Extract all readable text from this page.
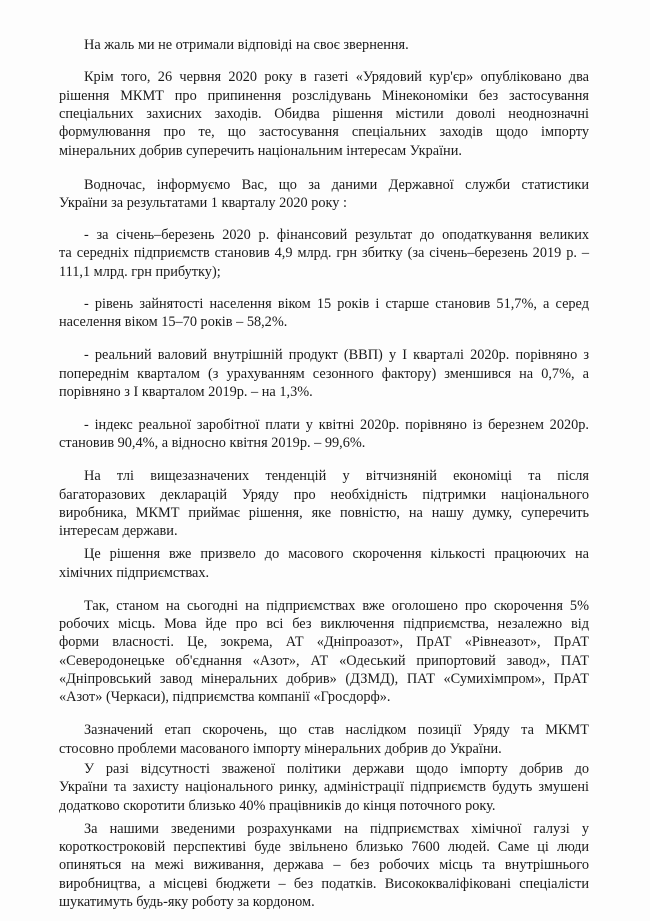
На жаль ми не отримали відповіді на своє звернення.
Крім того, 26 червня 2020 року в газеті «Урядовий кур'єр» опубліковано два
рішення МКМТ про припинення розслідувань Мінекономіки без застосування
спеціальних захисних заходів. Обидва рішення містили доволі неоднозначні
формулювання про те, що застосування спеціальних заходів щодо імпорту
мінеральних добрив суперечить національним інтересам України.
Водночас, інформуємо Вас, що за даними Державної служби статистики
України за результатами 1 кварталу 2020 року :
- за січень–березень 2020 р. фінансовий результат до оподаткування великих
та середніх підприємств становив 4,9 млрд. грн збитку (за січень–березень 2019 р. –
111,1 млрд. грн прибутку);
- рівень зайнятості населення віком 15 років і старше становив 51,7%, а серед
населення віком 15–70 років – 58,2%.
- реальний валовий внутрішній продукт (ВВП) у I кварталі 2020р. порівняно з
попереднім кварталом (з урахуванням сезонного фактору) зменшився на 0,7%, а
порівняно з I кварталом 2019р. – на 1,3%.
- індекс реальної заробітної плати у квітні 2020р. порівняно із березнем 2020р.
становив 90,4%, а відносно квітня 2019р. – 99,6%.
На тлі вищезазначених тенденцій у вітчизняній економіці та після
багаторазових декларацій Уряду про необхідність підтримки національного
виробника, МКМТ приймає рішення, яке повністю, на нашу думку, суперечить
інтересам держави.
Це рішення вже призвело до масового скорочення кількості працюючих на
хімічних підприємствах.
Так, станом на сьогодні на підприємствах вже оголошено про скорочення 5%
робочих місць. Мова йде про всі без виключення підприємства, незалежно від
форми власності. Це, зокрема, АТ «Дніпроазот», ПрАТ «Рівнеазот», ПрАТ
«Северодонецьке об'єднання «Азот», АТ «Одеський припортовий завод», ПАТ
«Дніпровський завод мінеральних добрив» (ДЗМД), ПАТ «Сумихімпром», ПрАТ
«Азот» (Черкаси), підприємства компанії «Гросдорф».
Зазначений етап скорочень, що став наслідком позиції Уряду та МКМТ
стосовно проблеми масованого імпорту мінеральних добрив до України.
У разі відсутності зваженої політики держави щодо імпорту добрив до
України та захисту національного ринку, адміністрації підприємств будуть змушені
додатково скоротити близько 40% працівників до кінця поточного року.
За нашими зведеними розрахунками на підприємствах хімічної галузі у
короткостроковій перспективі буде звільнено близько 7600 людей. Саме ці люди
опиняться на межі виживання, держава – без робочих місць та внутрішнього
виробництва, а місцеві бюджети – без податків. Висококваліфіковані спеціалісти
шукатимуть будь-яку роботу за кордоном.
